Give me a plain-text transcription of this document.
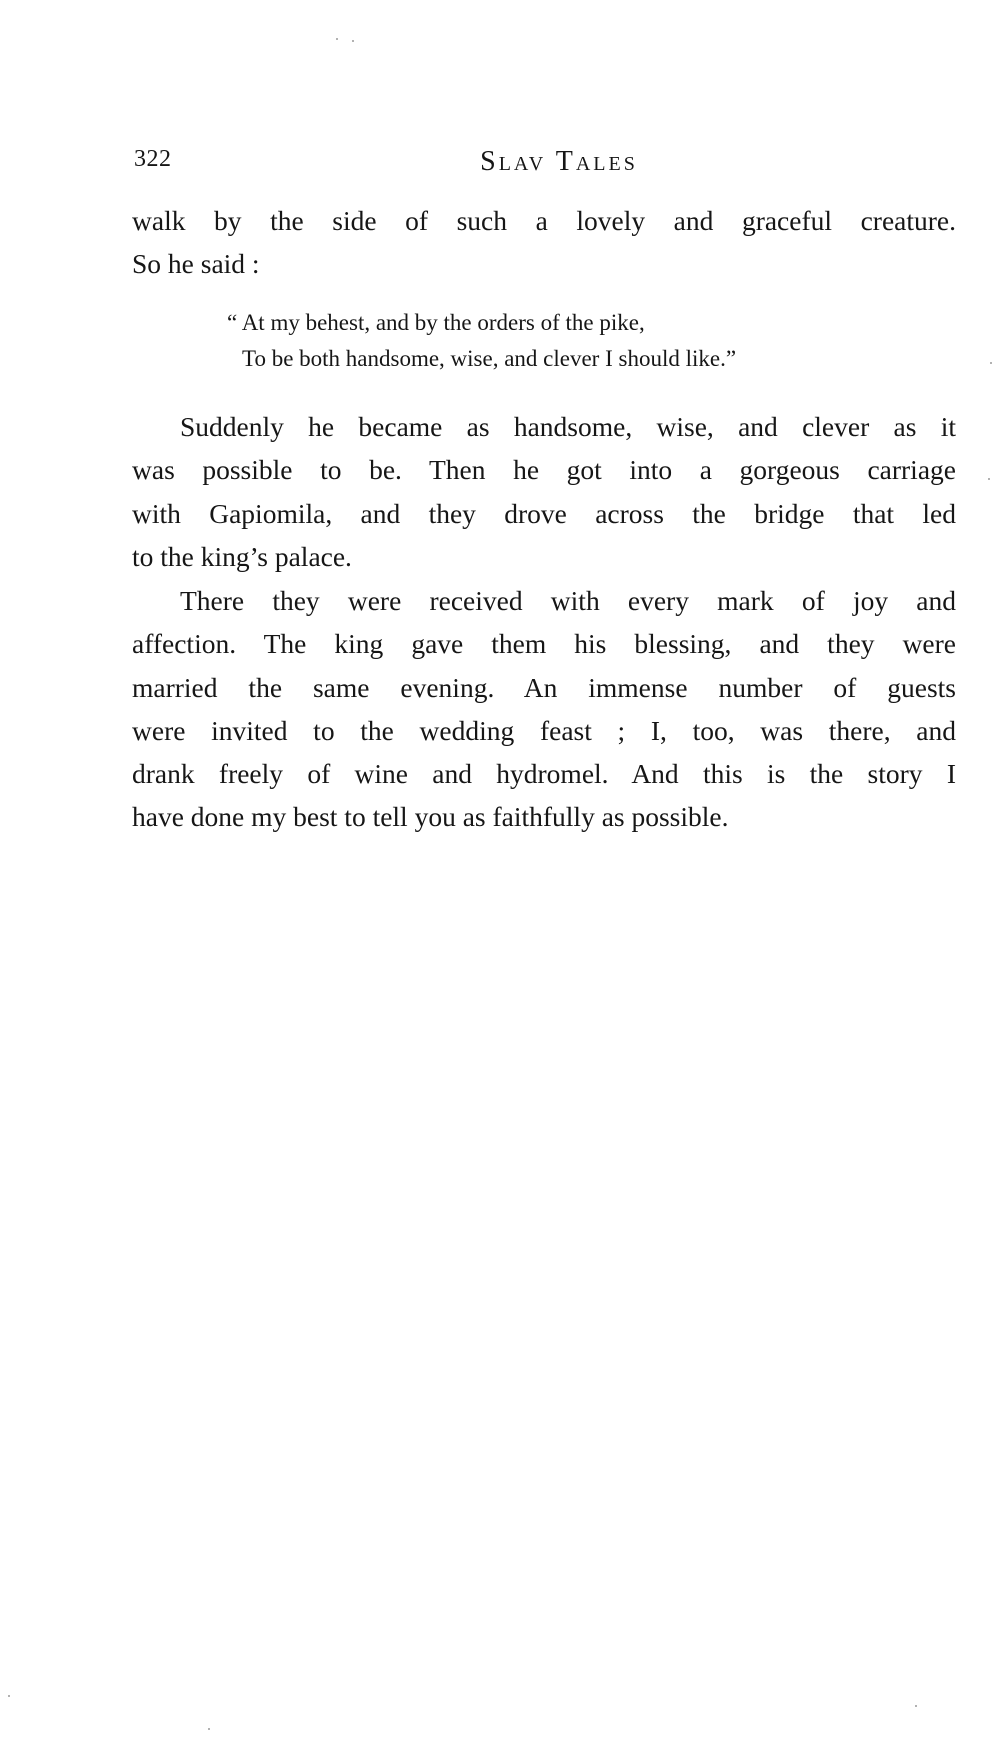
322	Slav Tales
walk by the side of such a lovely and graceful creature.
So he said :
“ At my behest, and by the orders of the pike,
To be both handsome, wise, and clever I should like.”
Suddenly he became as handsome, wise, and clever as it
was possible to be. Then he got into a gorgeous carriage
with Gapiomila, and they drove across the bridge that led
to the king’s palace.
There they were received with every mark of joy and
affection. The king gave them his blessing, and they were
married the same evening. An immense number of guests
were invited to the wedding feast ; I, too, was there, and
drank freely of wine and hydromel. And this is the story I
have done my best to tell you as faithfully as possible.
